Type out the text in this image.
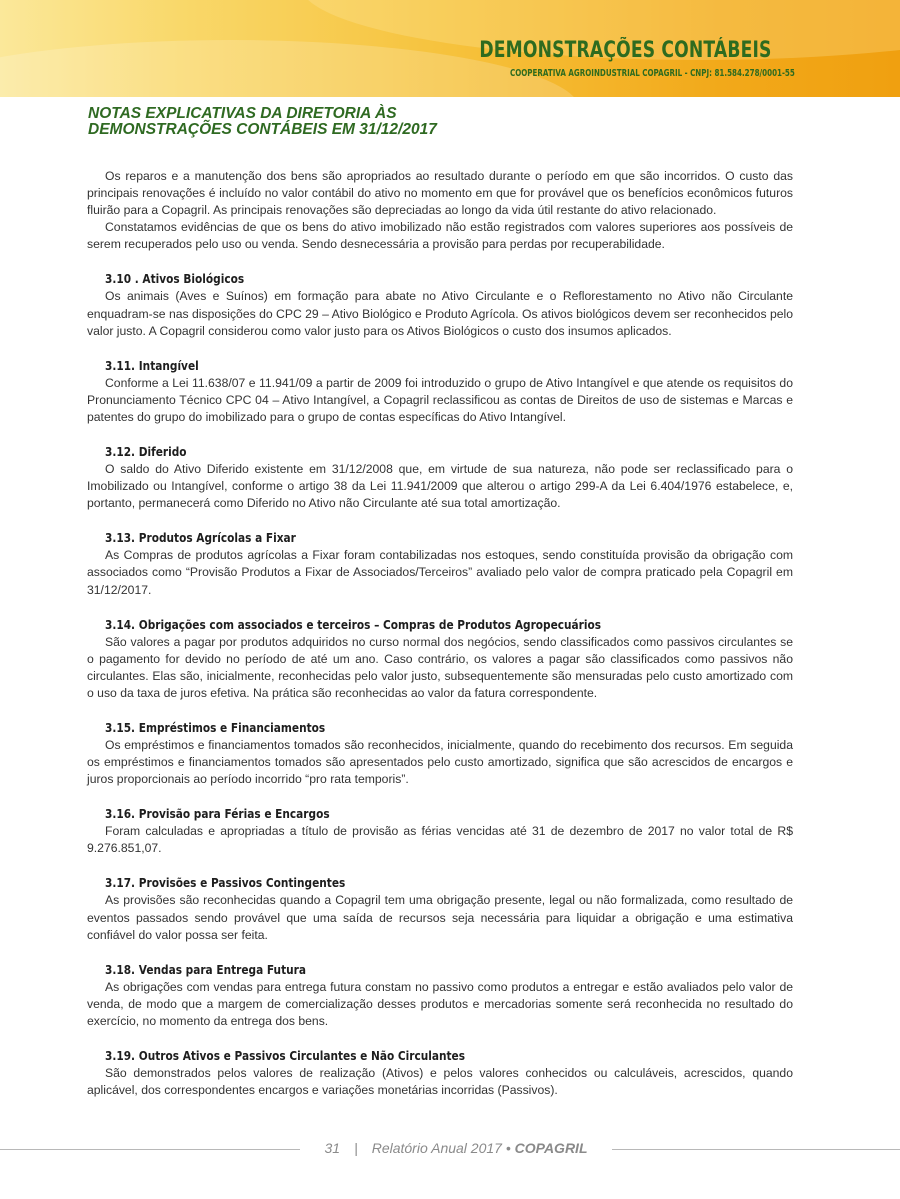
DEMONSTRAÇÕES CONTÁBEIS
COOPERATIVA AGROINDUSTRIAL COPAGRIL - CNPJ: 81.584.278/0001-55
NOTAS EXPLICATIVAS DA DIRETORIA ÀS
DEMONSTRAÇÕES CONTÁBEIS EM 31/12/2017

Os reparos e a manutenção dos bens são apropriados ao resultado durante o período em que são incorridos. O custo das principais renovações é incluído no valor contábil do ativo no momento em que for provável que os benefícios econômicos futuros fluirão para a Copagril. As principais renovações são depreciadas ao longo da vida útil restante do ativo relacionado.

Constatamos evidências de que os bens do ativo imobilizado não estão registrados com valores superiores aos possíveis de serem recuperados pelo uso ou venda. Sendo desnecessária a provisão para perdas por recuperabilidade.

3.10 . Ativos Biológicos

Os animais (Aves e Suínos) em formação para abate no Ativo Circulante e o Reflorestamento no Ativo não Circulante enquadram-se nas disposições do CPC 29 – Ativo Biológico e Produto Agrícola. Os ativos biológicos devem ser reconhecidos pelo valor justo. A Copagril considerou como valor justo para os Ativos Biológicos o custo dos insumos aplicados.

3.11. Intangível

Conforme a Lei 11.638/07 e 11.941/09 a partir de 2009 foi introduzido o grupo de Ativo Intangível e que atende os requisitos do Pronunciamento Técnico CPC 04 – Ativo Intangível, a Copagril reclassificou as contas de Direitos de uso de sistemas e Marcas e patentes do grupo do imobilizado para o grupo de contas específicas do Ativo Intangível.

3.12. Diferido

O saldo do Ativo Diferido existente em 31/12/2008 que, em virtude de sua natureza, não pode ser reclassificado para o Imobilizado ou Intangível, conforme o artigo 38 da Lei 11.941/2009 que alterou o artigo 299-A da Lei 6.404/1976 estabelece, e, portanto, permanecerá como Diferido no Ativo não Circulante até sua total amortização.

3.13. Produtos Agrícolas a Fixar

As Compras de produtos agrícolas a Fixar foram contabilizadas nos estoques, sendo constituída provisão da obrigação com associados como “Provisão Produtos a Fixar de Associados/Terceiros” avaliado pelo valor de compra praticado pela Copagril em 31/12/2017.

3.14. Obrigações com associados e terceiros – Compras de Produtos Agropecuários

São valores a pagar por produtos adquiridos no curso normal dos negócios, sendo classificados como passivos circulantes se o pagamento for devido no período de até um ano. Caso contrário, os valores a pagar são classificados como passivos não circulantes. Elas são, inicialmente, reconhecidas pelo valor justo, subsequentemente são mensuradas pelo custo amortizado com o uso da taxa de juros efetiva. Na prática são reconhecidas ao valor da fatura correspondente.

3.15. Empréstimos e Financiamentos

Os empréstimos e financiamentos tomados são reconhecidos, inicialmente, quando do recebimento dos recursos. Em seguida os empréstimos e financiamentos tomados são apresentados pelo custo amortizado, significa que são acrescidos de encargos e juros proporcionais ao período incorrido “pro rata temporis”.

3.16. Provisão para Férias e Encargos

Foram calculadas e apropriadas a título de provisão as férias vencidas até 31 de dezembro de 2017 no valor total de R$ 9.276.851,07.

3.17. Provisões e Passivos Contingentes

As provisões são reconhecidas quando a Copagril tem uma obrigação presente, legal ou não formalizada, como resultado de eventos passados sendo provável que uma saída de recursos seja necessária para liquidar a obrigação e uma estimativa confiável do valor possa ser feita.

3.18. Vendas para Entrega Futura

As obrigações com vendas para entrega futura constam no passivo como produtos a entregar e estão avaliados pelo valor de venda, de modo que a margem de comercialização desses produtos e mercadorias somente será reconhecida no resultado do exercício, no momento da entrega dos bens.

3.19. Outros Ativos e Passivos Circulantes e Não Circulantes

São demonstrados pelos valores de realização (Ativos) e pelos valores conhecidos ou calculáveis, acrescidos, quando aplicável, dos correspondentes encargos e variações monetárias incorridas (Passivos).

31 | Relatório Anual 2017 • COPAGRIL
